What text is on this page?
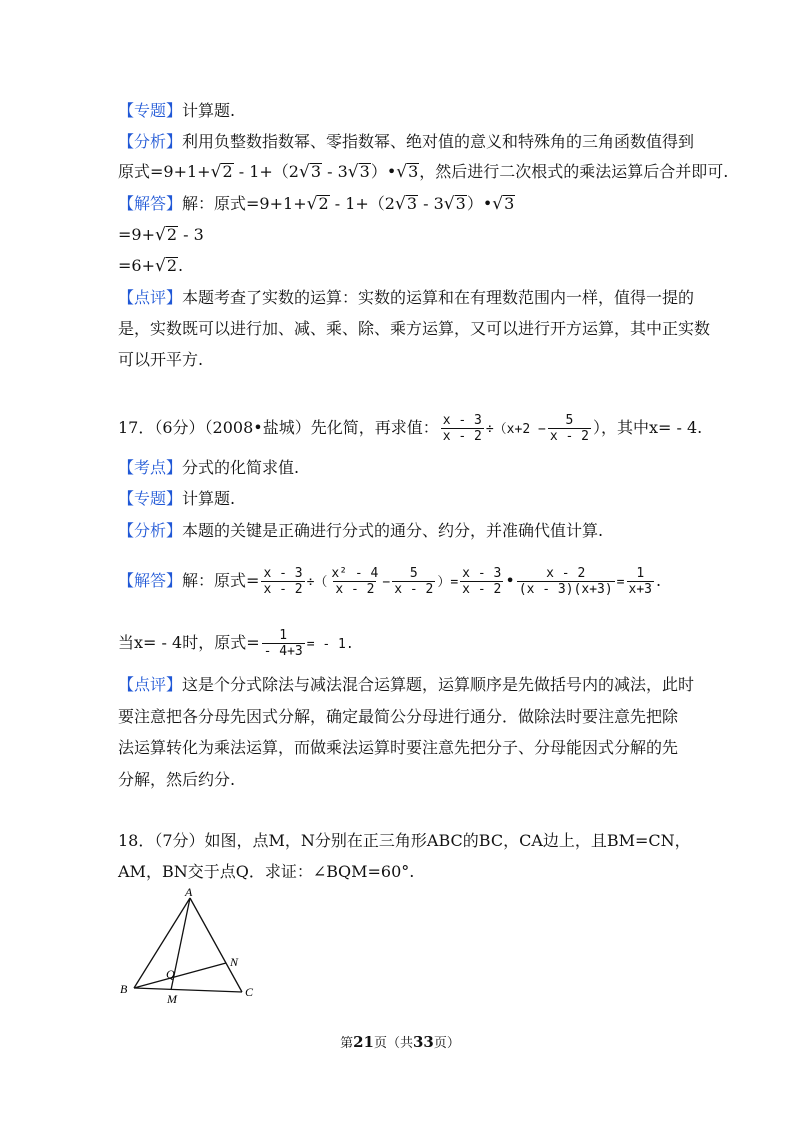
【专题】计算题.
【分析】利用负整数指数幂、零指数幂、绝对值的意义和特殊角的三角函数值得到
原式=9+1+√2 - 1+（2√3 - 3√3）•√3，然后进行二次根式的乘法运算后合并即可.
【解答】解：原式=9+1+√2 - 1+（2√3 - 3√3）•√3
=9+√2 - 3
=6+√2.
【点评】本题考查了实数的运算：实数的运算和在有理数范围内一样，值得一提的
是，实数既可以进行加、减、乘、除、乘方运算，又可以进行开方运算，其中正实数
可以开平方.
17．（6分）（2008•盐城）先化简，再求值： $\frac{x - 3}{x - 2} \div(x+2 - \frac{5}{x - 2}$ ），其中x= - 4.
【考点】分式的化简求值.
【专题】计算题.
【分析】本题的关键是正确进行分式的通分、约分，并准确代值计算.
【解答】解：原式= $\frac{x - 3}{x - 2}$ ÷（ $\frac{\text{x² - 4}}{x - 2} - \frac{5}{x - 2}$ ）= $\frac{x - 3}{x - 2}$ • $\frac{x - 2}{(x - 3)(x+3)} = \frac{1}{x+3}$ .
当x= - 4时，原式= $\frac{1}{- 4+3}$ = - 1.
【点评】这是个分式除法与减法混合运算题，运算顺序是先做括号内的减法，此时
要注意把各分母先因式分解，确定最简公分母进行通分．做除法时要注意先把除
法运算转化为乘法运算，而做乘法运算时要注意先把分子、分母能因式分解的先
分解，然后约分.
18．（7分）如图，点M，N分别在正三角形ABC的BC，CA边上，且BM=CN，
AM，BN交于点Q．求证：∠BQM=60°.
A
B	C
M
N
Q
第21页（共33页）
